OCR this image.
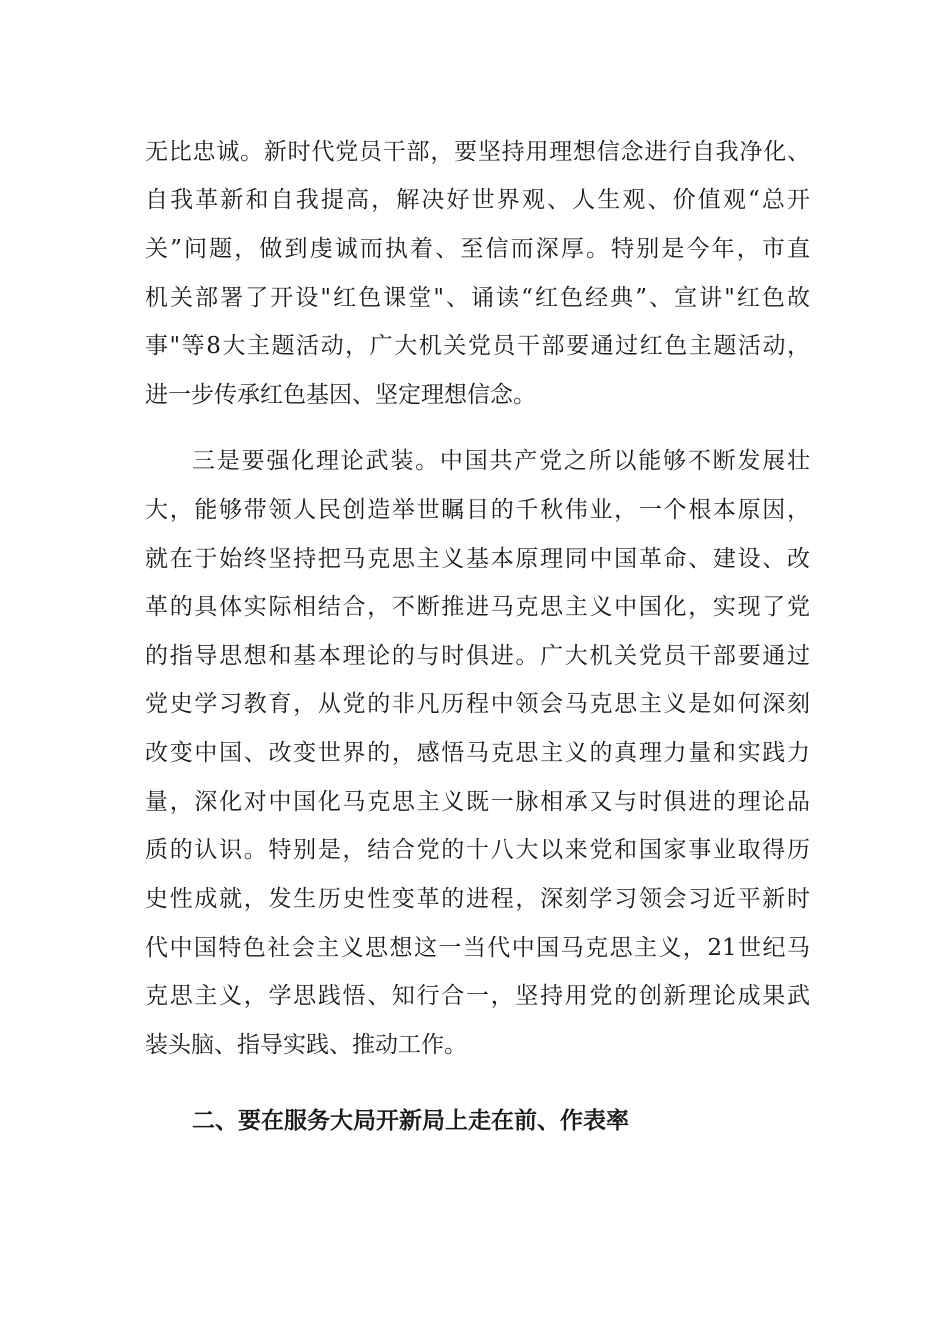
无比忠诚。新时代党员干部，要坚持用理想信念进行自我净化、
自我革新和自我提高，解决好世界观、人生观、价值观“总开
关”问题，做到虔诚而执着、至信而深厚。特别是今年，市直
机关部署了开设"红色课堂"、诵读“红色经典”、宣讲"红色故
事"等8大主题活动，广大机关党员干部要通过红色主题活动，
进一步传承红色基因、坚定理想信念。
三是要强化理论武装。中国共产党之所以能够不断发展壮
大，能够带领人民创造举世瞩目的千秋伟业，一个根本原因，
就在于始终坚持把马克思主义基本原理同中国革命、建设、改
革的具体实际相结合，不断推进马克思主义中国化，实现了党
的指导思想和基本理论的与时俱进。广大机关党员干部要通过
党史学习教育，从党的非凡历程中领会马克思主义是如何深刻
改变中国、改变世界的，感悟马克思主义的真理力量和实践力
量，深化对中国化马克思主义既一脉相承又与时俱进的理论品
质的认识。特别是，结合党的十八大以来党和国家事业取得历
史性成就，发生历史性变革的进程，深刻学习领会习近平新时
代中国特色社会主义思想这一当代中国马克思主义，21世纪马
克思主义，学思践悟、知行合一，坚持用党的创新理论成果武
装头脑、指导实践、推动工作。
二、要在服务大局开新局上走在前、作表率
